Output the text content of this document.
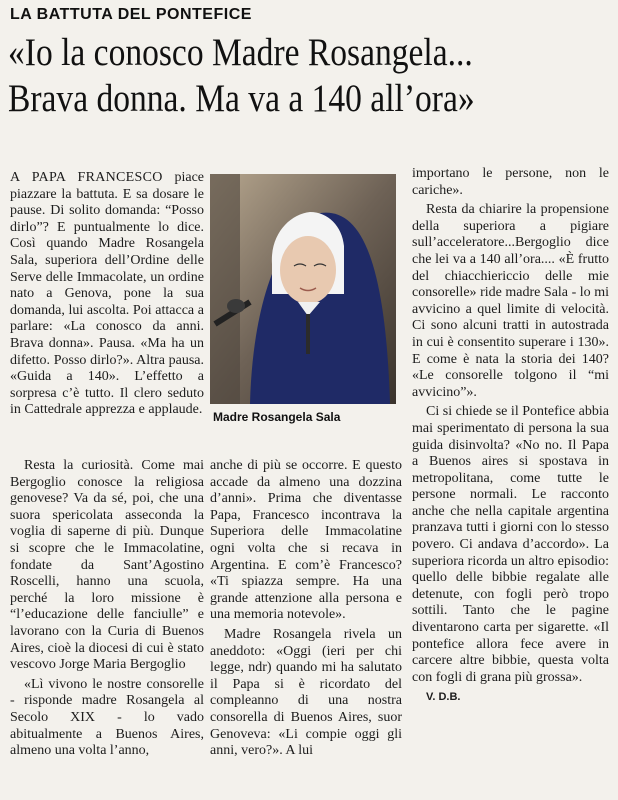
LA BATTUTA DEL PONTEFICE
«Io la conosco Madre Rosangela...
Brava donna. Ma va a 140 all’ora»
Madre Rosangela Sala

A PAPA FRANCESCO piace piazzare la battuta. E sa dosare le pause. Di solito domanda: “Posso dirlo”? E puntualmente lo dice. Così quando Madre Rosangela Sala, superiora dell’Ordine delle Serve delle Immacolate, un ordine nato a Genova, pone la sua domanda, lui ascolta. Poi attacca a parlare: «La conosco da anni. Brava donna». Pausa. «Ma ha un difetto. Posso dirlo?». Altra pausa. «Guida a 140». L’effetto a sorpresa c’è tutto. Il clero seduto in Cattedrale apprezza e applaude.

Resta la curiosità. Come mai Bergoglio conosce la religiosa genovese? Va da sé, poi, che una suora spericolata asseconda la voglia di saperne di più. Dunque si scopre che le Immacolatine, fondate da Sant’Agostino Roscelli, hanno una scuola, perché la loro missione è “l’educazione delle fanciulle” e lavorano con la Curia di Buenos Aires, cioè la diocesi di cui è stato vescovo Jorge Maria Bergoglio

«Lì vivono le nostre consorelle - risponde madre Rosangela al Secolo XIX - lo vado abitualmente a Buenos Aires, almeno una volta l’anno,

anche di più se occorre. E questo accade da almeno una dozzina d’anni». Prima che diventasse Papa, Francesco incontrava la Superiora delle Immacolatine ogni volta che si recava in Argentina. E com’è Francesco? «Ti spiazza sempre. Ha una grande attenzione alla persona e una memoria notevole».

Madre Rosangela rivela un aneddoto: «Oggi (ieri per chi legge, ndr) quando mi ha salutato il Papa si è ricordato del compleanno di una nostra consorella di Buenos Aires, suor Genoveva: «Li compie oggi gli anni, vero?». A lui

importano le persone, non le cariche».

Resta da chiarire la propensione della superiora a pigiare sull’acceleratore...Bergoglio dice che lei va a 140 all’ora.... «È frutto del chiacchiericcio delle mie consorelle» ride madre Sala - lo mi avvicino a quel limite di velocità. Ci sono alcuni tratti in autostrada in cui è consentito superare i 130». E come è nata la storia dei 140? «Le consorelle tolgono il “mi avvicino”».

Ci si chiede se il Pontefice abbia mai sperimentato di persona la sua guida disinvolta? «No no. Il Papa a Buenos aires si spostava in metropolitana, come tutte le persone normali. Le racconto anche che nella capitale argentina pranzava tutti i giorni con lo stesso povero. Ci andava d’accordo». La superiora ricorda un altro episodio: quello delle bibbie regalate alle detenute, con fogli però tropo sottili. Tanto che le pagine diventarono carta per sigarette. «Il pontefice allora fece avere in carcere altre bibbie, questa volta con fogli di grana più grossa».

V. D.B.
